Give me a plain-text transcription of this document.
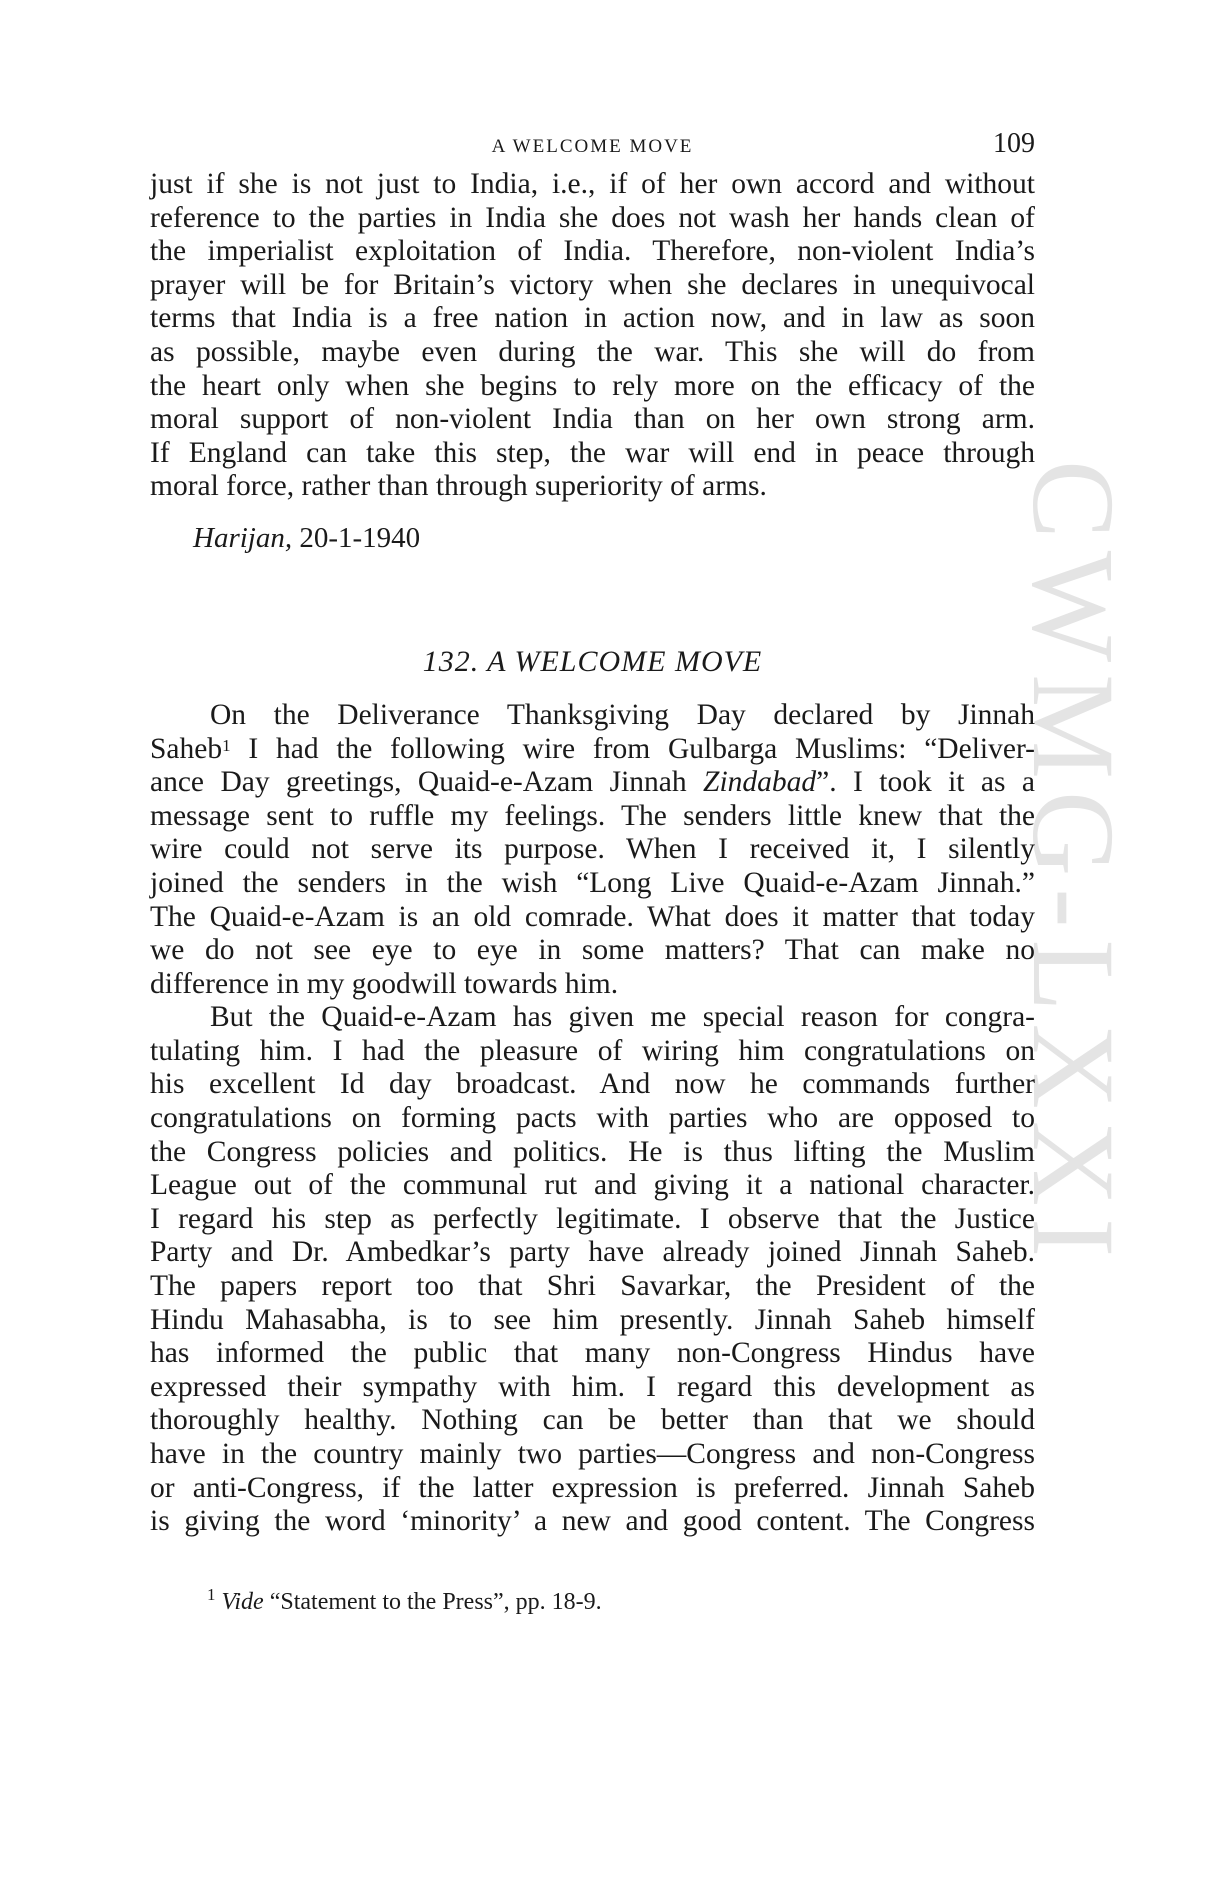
CWMG-LXXI
A WELCOME MOVE	109
just if she is not just to India, i.e., if of her own accord and without
reference to the parties in India she does not wash her hands clean of
the imperialist exploitation of India. Therefore, non-violent India’s
prayer will be for Britain’s victory when she declares in unequivocal
terms that India is a free nation in action now, and in law as soon
as possible, maybe even during the war. This she will do from
the heart only when she begins to rely more on the efficacy of the
moral support of non-violent India than on her own strong arm.
If England can take this step, the war will end in peace through
moral force, rather than through superiority of arms.
Harijan, 20-1-1940
132. A WELCOME MOVE
On the Deliverance Thanksgiving Day declared by Jinnah
Saheb$^1$ I had the following wire from Gulbarga Muslims: “Deliver-
ance Day greetings, Quaid-e-Azam Jinnah Zindabad”. I took it as a
message sent to ruffle my feelings. The senders little knew that the
wire could not serve its purpose. When I received it, I silently
joined the senders in the wish “Long Live Quaid-e-Azam Jinnah.”
The Quaid-e-Azam is an old comrade. What does it matter that today
we do not see eye to eye in some matters? That can make no
difference in my goodwill towards him.
But the Quaid-e-Azam has given me special reason for congra-
tulating him. I had the pleasure of wiring him congratulations on
his excellent Id day broadcast. And now he commands further
congratulations on forming pacts with parties who are opposed to
the Congress policies and politics. He is thus lifting the Muslim
League out of the communal rut and giving it a national character.
I regard his step as perfectly legitimate. I observe that the Justice
Party and Dr. Ambedkar’s party have already joined Jinnah Saheb.
The papers report too that Shri Savarkar, the President of the
Hindu Mahasabha, is to see him presently. Jinnah Saheb himself
has informed the public that many non-Congress Hindus have
expressed their sympathy with him. I regard this development as
thoroughly healthy. Nothing can be better than that we should
have in the country mainly two parties—Congress and non-Congress
or anti-Congress, if the latter expression is preferred. Jinnah Saheb
is giving the word ‘minority’ a new and good content. The Congress
$^1$ Vide “Statement to the Press”, pp. 18-9.
